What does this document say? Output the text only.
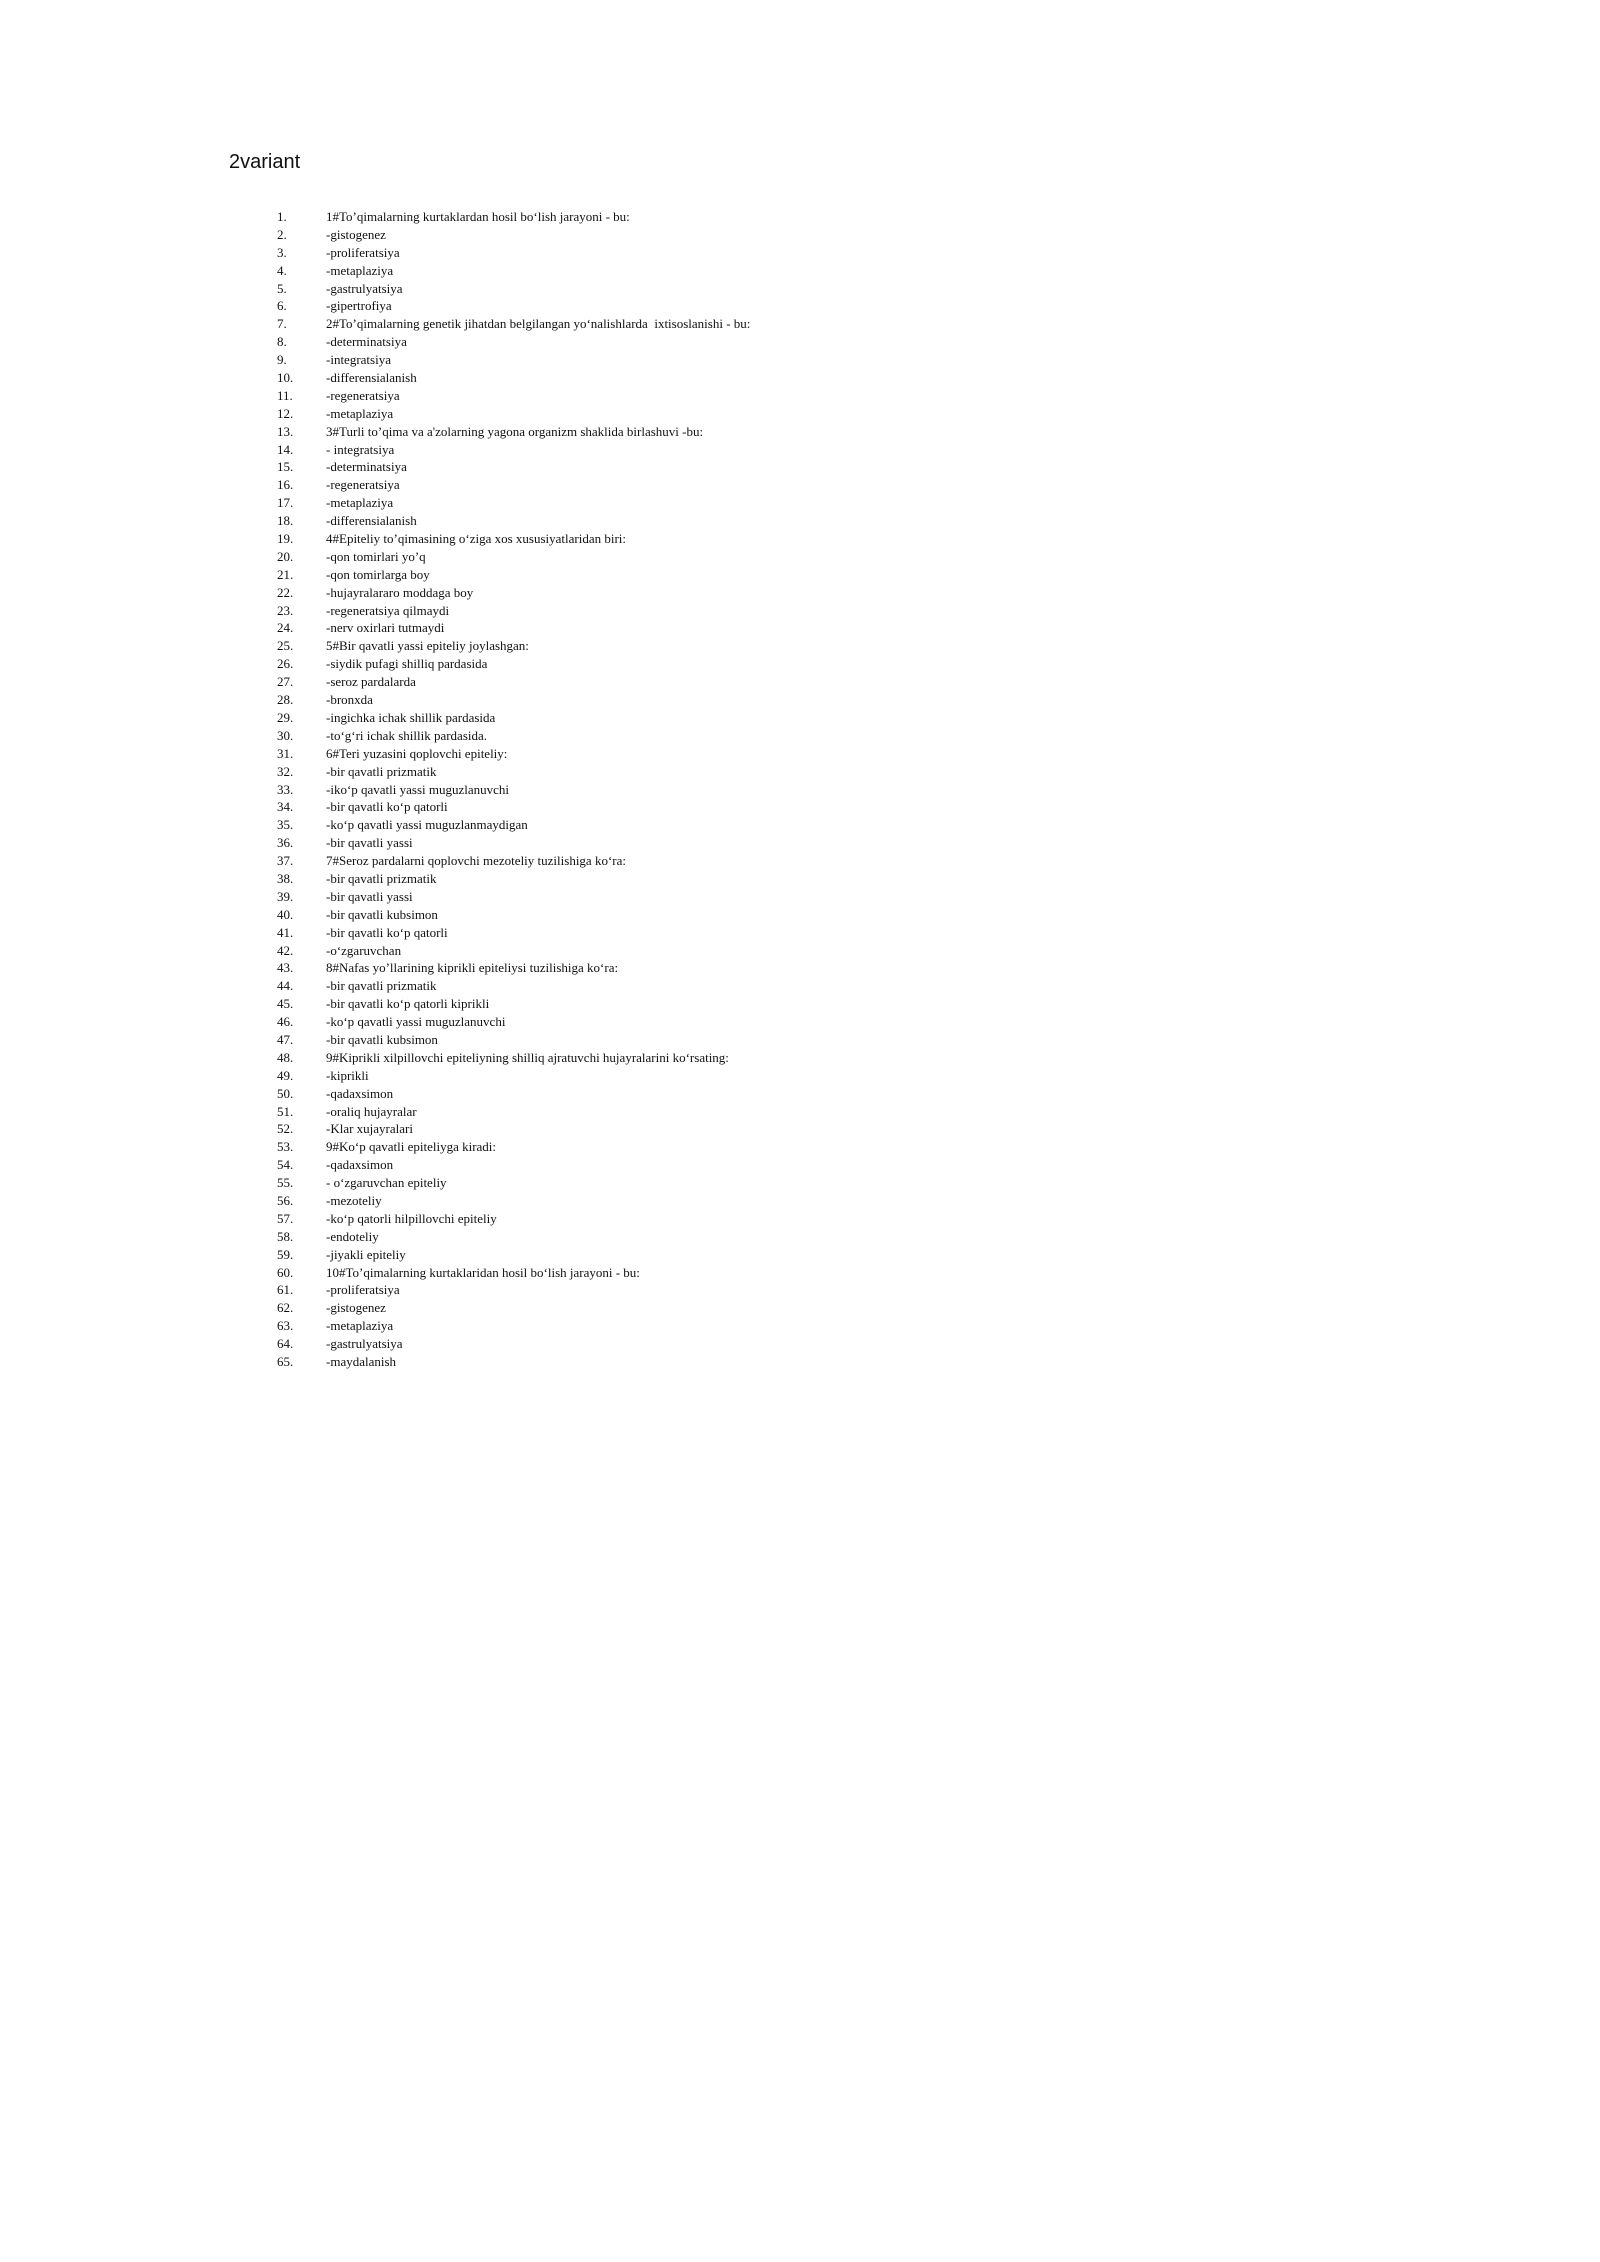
2variant
1.	1#To’qimalarning kurtaklardan hosil bo‘lish jarayoni - bu:
2.	-gistogenez
3.	-proliferatsiya
4.	-metaplaziya
5.	-gastrulyatsiya
6.	-gipertrofiya
7.	2#To’qimalarning genetik jihatdan belgilangan yo‘nalishlarda  ixtisoslanishi - bu:
8.	-determinatsiya
9.	-integratsiya
10.	-differensialanish
11.	-regeneratsiya
12.	-metaplaziya
13.	3#Turli to’qima va a'zolarning yagona organizm shaklida birlashuvi -bu:
14.	- integratsiya
15.	-determinatsiya
16.	-regeneratsiya
17.	-metaplaziya
18.	-differensialanish
19.	4#Epiteliy to’qimasining o‘ziga xos xususiyatlaridan biri:
20.	-qon tomirlari yo’q
21.	-qon tomirlarga boy
22.	-hujayralararo moddaga boy
23.	-regeneratsiya qilmaydi
24.	-nerv oxirlari tutmaydi
25.	5#Bir qavatli yassi epiteliy joylashgan:
26.	-siydik pufagi shilliq pardasida
27.	-seroz pardalarda
28.	-bronxda
29.	-ingichka ichak shillik pardasida
30.	-to‘g‘ri ichak shillik pardasida.
31.	6#Teri yuzasini qoplovchi epiteliy:
32.	-bir qavatli prizmatik
33.	-iko‘p qavatli yassi muguzlanuvchi
34.	-bir qavatli ko‘p qatorli
35.	-ko‘p qavatli yassi muguzlanmaydigan
36.	-bir qavatli yassi
37.	7#Seroz pardalarni qoplovchi mezoteliy tuzilishiga ko‘ra:
38.	-bir qavatli prizmatik
39.	-bir qavatli yassi
40.	-bir qavatli kubsimon
41.	-bir qavatli ko‘p qatorli
42.	-o‘zgaruvchan
43.	8#Nafas yo’llarining kiprikli epiteliysi tuzilishiga ko‘ra:
44.	-bir qavatli prizmatik
45.	-bir qavatli ko‘p qatorli kiprikli
46.	-ko‘p qavatli yassi muguzlanuvchi
47.	-bir qavatli kubsimon
48.	9#Kiprikli xilpillovchi epiteliyning shilliq ajratuvchi hujayralarini ko‘rsating:
49.	-kiprikli
50.	-qadaxsimon
51.	-oraliq hujayralar
52.	-Klar xujayralari
53.	9#Ko‘p qavatli epiteliyga kiradi:
54.	-qadaxsimon
55.	- o‘zgaruvchan epiteliy
56.	-mezoteliy
57.	-ko‘p qatorli hilpillovchi epiteliy
58.	-endoteliy
59.	-jiyakli epiteliy
60.	10#To’qimalarning kurtaklaridan hosil bo‘lish jarayoni - bu:
61.	-proliferatsiya
62.	-gistogenez
63.	-metaplaziya
64.	-gastrulyatsiya
65.	-maydalanish
